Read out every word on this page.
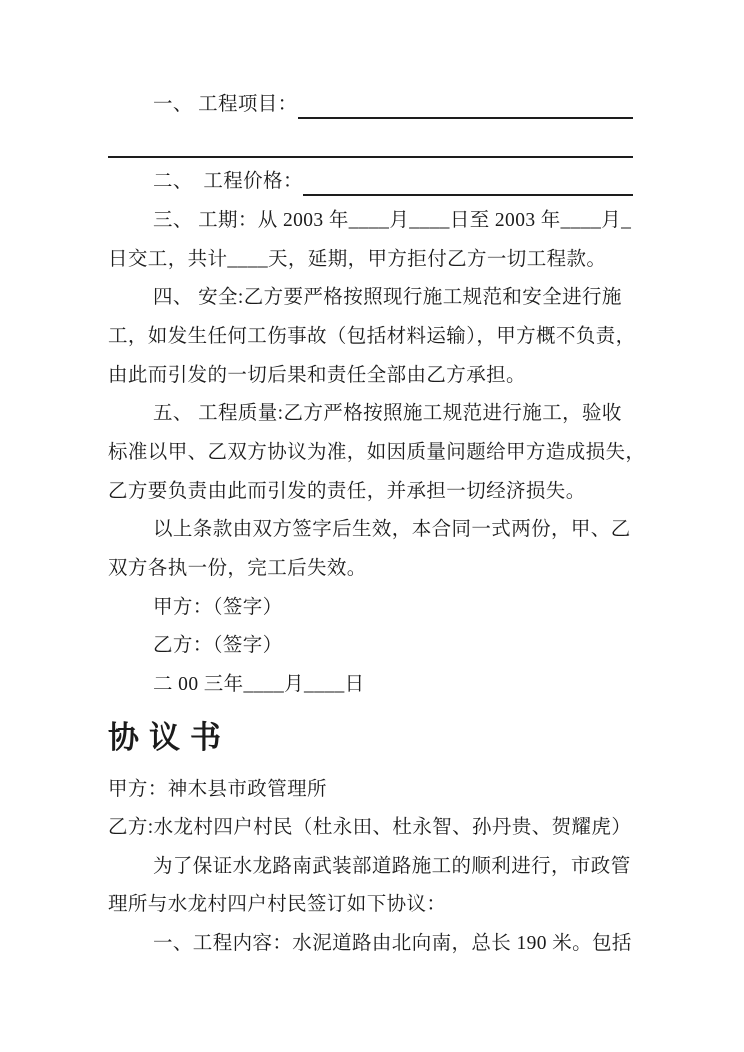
一、 工程项目：
二、  工程价格：
三、 工期：从 2003 年____月____日至 2003 年____月_
日交工，共计____天，延期，甲方拒付乙方一切工程款。
四、 安全:乙方要严格按照现行施工规范和安全进行施
工，如发生任何工伤事故（包括材料运输），甲方概不负责，
由此而引发的一切后果和责任全部由乙方承担。
五、 工程质量:乙方严格按照施工规范进行施工，验收
标准以甲、乙双方协议为准，如因质量问题给甲方造成损失，
乙方要负责由此而引发的责任，并承担一切经济损失。
以上条款由双方签字后生效，本合同一式两份，甲、乙
双方各执一份，完工后失效。
甲方：（签字）
乙方：（签字）
二 00 三年____月____日
协议书
甲方：神木县市政管理所
乙方:水龙村四户村民（杜永田、杜永智、孙丹贵、贺耀虎）
为了保证水龙路南武装部道路施工的顺利进行，市政管
理所与水龙村四户村民签订如下协议：
一、工程内容：水泥道路由北向南，总长 190 米。包括
